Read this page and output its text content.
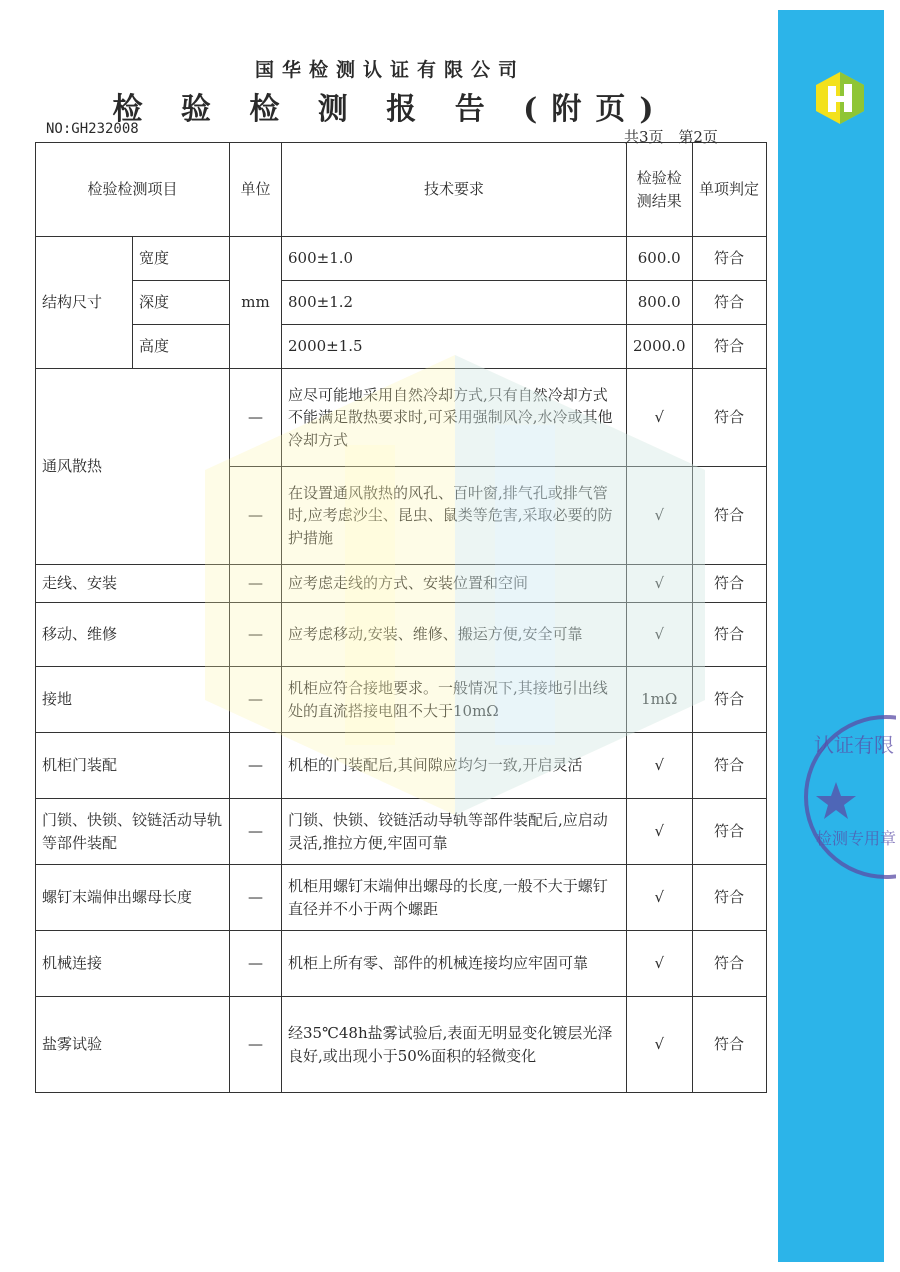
国华检测认证有限公司
检 验 检 测 报 告 (附页)
NO:GH232008	共3页 第2页
检验检测项目		单位	技术要求	检验检测结果	单项判定
结构尺寸	宽度	mm	600±1.0	600.0	符合
	深度		800±1.2	800.0	符合
	高度		2000±1.5	2000.0	符合
通风散热		—	应尽可能地采用自然冷却方式,只有自然冷却方式不能满足散热要求时,可采用强制风冷,水冷或其他冷却方式	√	符合
		—	在设置通风散热的风孔、百叶窗,排气孔或排气管时,应考虑沙尘、昆虫、鼠类等危害,采取必要的防护措施	√	符合
走线、安装		—	应考虑走线的方式、安装位置和空间	√	符合
移动、维修		—	应考虑移动,安装、维修、搬运方便,安全可靠	√	符合
接地		—	机柜应符合接地要求。一般情况下,其接地引出线处的直流搭接电阻不大于10mΩ	1mΩ	符合
机柜门装配		—	机柜的门装配后,其间隙应均匀一致,开启灵活	√	符合
门锁、快锁、铰链活动导轨等部件装配		—	门锁、快锁、铰链活动导轨等部件装配后,应启动灵活,推拉方便,牢固可靠	√	符合
螺钉末端伸出螺母长度		—	机柜用螺钉末端伸出螺母的长度,一般不大于螺钉直径并不小于两个螺距	√	符合
机械连接		—	机柜上所有零、部件的机械连接均应牢固可靠	√	符合
盐雾试验		—	经35℃48h盐雾试验后,表面无明显变化镀层光泽良好,或出现小于50%面积的轻微变化	√	符合
认证有限
检测专用章
